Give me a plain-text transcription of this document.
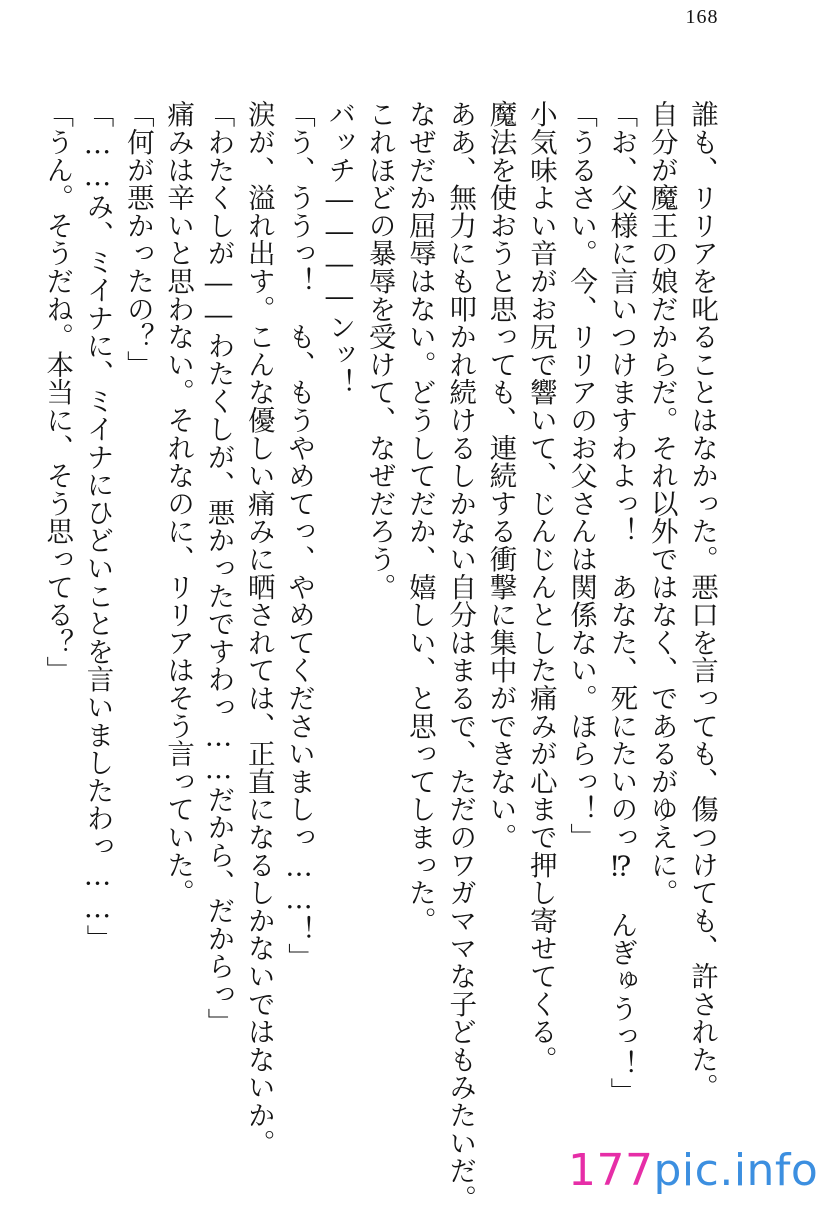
168

誰も、リリアを叱ることはなかった。悪口を言っても、傷つけても、許された。

自分が魔王の娘だからだ。それ以外ではなく、であるがゆえに。

「お、父様に言いつけますわよっ！　あなた、死にたいのっ⁉　んぎゅうっ！」

「うるさい。今、リリアのお父さんは関係ない。ほらっ！」

小気味よい音がお尻で響いて、じんじんとした痛みが心まで押し寄せてくる。

魔法を使おうと思っても、連続する衝撃に集中ができない。

ああ、無力にも叩かれ続けるしかない自分はまるで、ただのワガママな子どもみたいだ。

なぜだか屈辱はない。どうしてだか、嬉しい、と思ってしまった。

これほどの暴辱を受けて、なぜだろう。

バッチ――――ンッ！

「う、ううっ！　も、もうやめてっ、やめてくださいましっ……！」

涙が、溢れ出す。こんな優しい痛みに晒されては、正直になるしかないではないか。

「わたくしが――わたくしが、悪かったですわっ……だから、だからっ」

痛みは辛いと思わない。それなのに、リリアはそう言っていた。

「何が悪かったの？」

「……み、ミイナに、ミイナにひどいことを言いましたわっ……」

「うん。そうだね。本当に、そう思ってる？」

177pic.info
